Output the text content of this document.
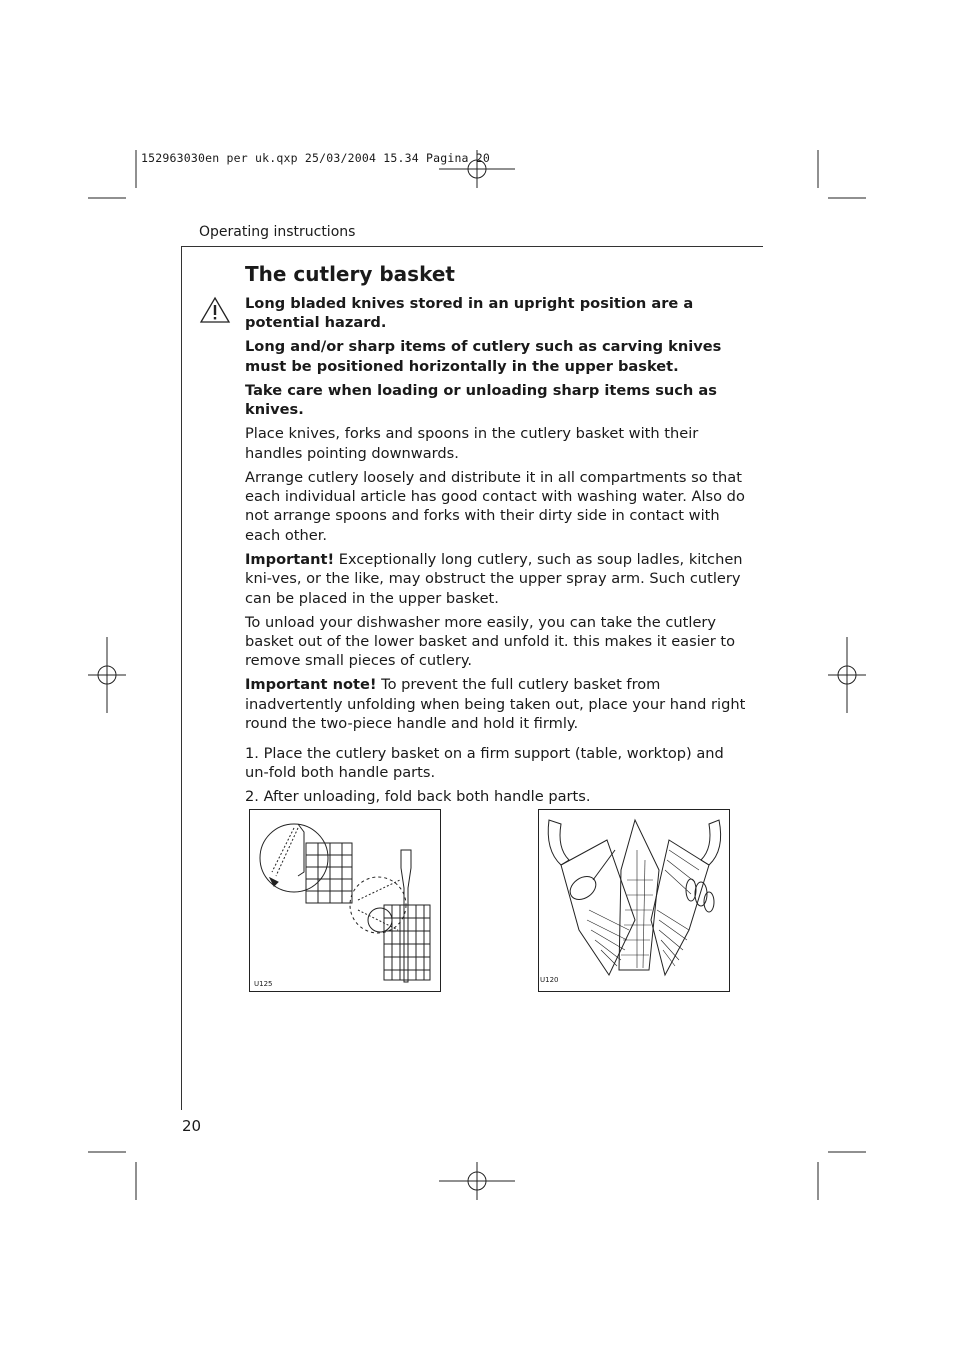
152963030en per uk.qxp 25/03/2004 15.34 Pagina 20
Operating instructions
The cutlery basket

Long bladed knives stored in an upright position are a potential hazard.

Long and/or sharp items of cutlery such as carving knives must be positioned horizontally in the upper basket.

Take care when loading or unloading sharp items such as knives.

Place knives, forks and spoons in the cutlery basket with their handles pointing downwards.

Arrange cutlery loosely and distribute it in all compartments so that each individual article has good contact with washing water. Also do not arrange spoons and forks with their dirty side in contact with each other.

Important! Exceptionally long cutlery, such as soup ladles, kitchen kni-ves, or the like, may obstruct the upper spray arm. Such cutlery can be placed in the upper basket.

To unload your dishwasher more easily, you can take the cutlery basket out of the lower basket and unfold it. this makes it easier to remove small pieces of cutlery.

Important note! To prevent the full cutlery basket from inadvertently unfolding when being taken out, place your hand right round the two-piece handle and hold it firmly.

1. Place the cutlery basket on a firm support (table, worktop) and un-fold both handle parts.
2. After unloading, fold back both handle parts.
U125	U120
20
